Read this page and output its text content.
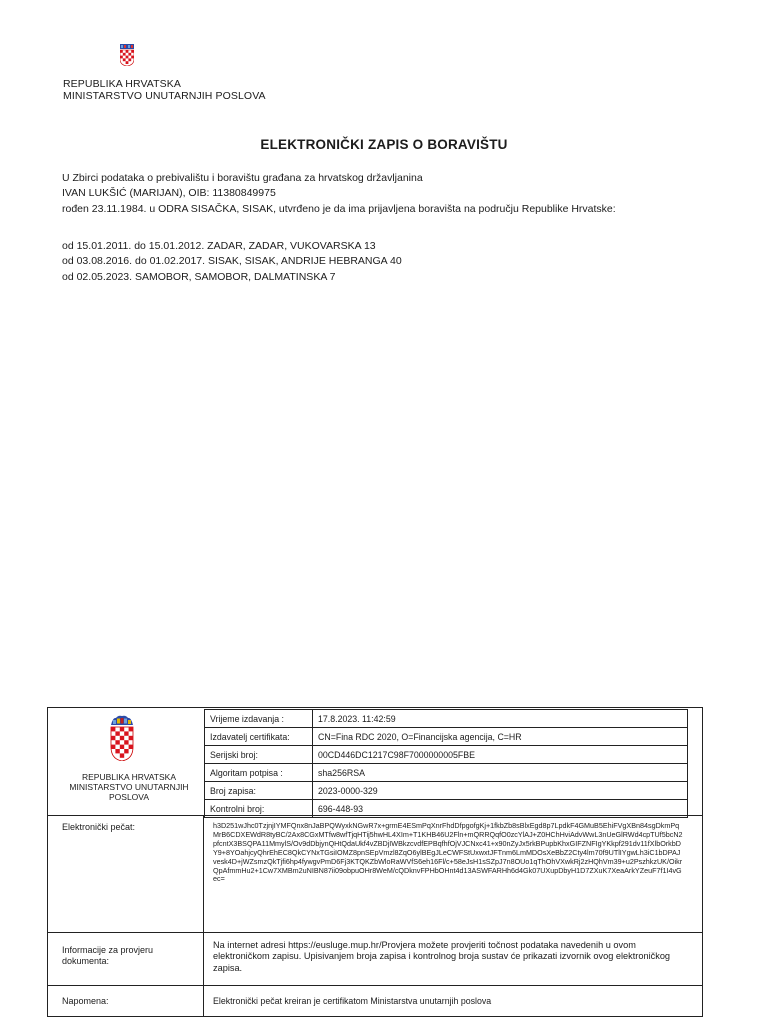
REPUBLIKA HRVATSKA
MINISTARSTVO UNUTARNJIH POSLOVA
ELEKTRONIČKI ZAPIS O BORAVIŠTU
U Zbirci podataka o prebivalištu i boravištu građana za hrvatskog državljanina
IVAN LUKŠIĆ (MARIJAN), OIB: 11380849975
rođen 23.11.1984. u ODRA SISAČKA, SISAK, utvrđeno je da ima prijavljena boravišta na području Republike Hrvatske:
od 15.01.2011. do 15.01.2012. ZADAR, ZADAR, VUKOVARSKA 13
od 03.08.2016. do 01.02.2017. SISAK, SISAK, ANDRIJE HEBRANGA 40
od 02.05.2023. SAMOBOR, SAMOBOR, DALMATINSKA 7
REPUBLIKA HRVATSKA
MINISTARSTVO UNUTARNJIH
POSLOVA
Vrijeme izdavanja :	17.8.2023. 11:42:59
Izdavatelj certifikata:	CN=Fina RDC 2020, O=Financijska agencija, C=HR
Serijski broj:	00CD446DC1217C98F7000000005FBE
Algoritam potpisa :	sha256RSA
Broj zapisa:	2023-0000-329
Kontrolni broj:	696-448-93
Elektronički pečat:	h3D251wJhc0TzjnjIYMFQnx8nJaBPQWyxkNGwR7x+grmE4ESmPqXnrFhdDfpgofgKj+1fkbZb8sBlxEgd8p7LpdkF4GMuB5EhiFVgXBn84sgDkmPqMrB6CDXEWdR8tyBC/2Ax8CGxMTfw8wfTjqHTij5hwHL4XIm+T1KHB46U2Fln+mQRRQqfO0zcYlAJ+Z0HChHviAdvWwL3nUeGlRWd4cpTUf5bcN2pfcntX3BSQPA11MmylS/Ov9dDbjynQHtQdaUkf4vZBDjIWBkzcvdfEPBqfhfOjVJCNxc41+x90nZyJx5rkBPupbKhxGIFZNFIgYKkpf291dv11fXlbOrkbDY9+8YOahjcyQhrEhEC8QkCYNxTGsiIOMZ8pnSEpVmzl8ZqO6ylBEgJLeCWFStUxwxtJFTnm6LmMDOsXeBbZ2Cty4lm70f9UTlIYgwLh3iC1bDPAJvesk4D+jWZsmzQkTjfi6hp4fywgvPmD6Fj3KTQKZbWloRaWVfS6eh16Fl/c+58eJsH1sSZpJ7n8OUo1qThOhVXwkRj2zHQhVm39+u2PszhkzUK/OikrQpAfmmHu2+1Cw7XMBm2uNIBN87ii09obpuOHr8WeM/cQDknvFPHbOHnt4d13ASWFARHh6d4Gk07UXupDbyH1D7ZXuK7XeaArkYZeuF7f1I4vGec=
Informacije za provjeru
dokumenta:
Na internet adresi https://eusluge.mup.hr/Provjera možete provjeriti točnost podataka navedenih u ovom elektroničkom zapisu. Upisivanjem broja zapisa i kontrolnog broja sustav će prikazati izvornik ovog elektroničkog zapisa.
Napomena:	Elektronički pečat kreiran je certifikatom Ministarstva unutarnjih poslova
